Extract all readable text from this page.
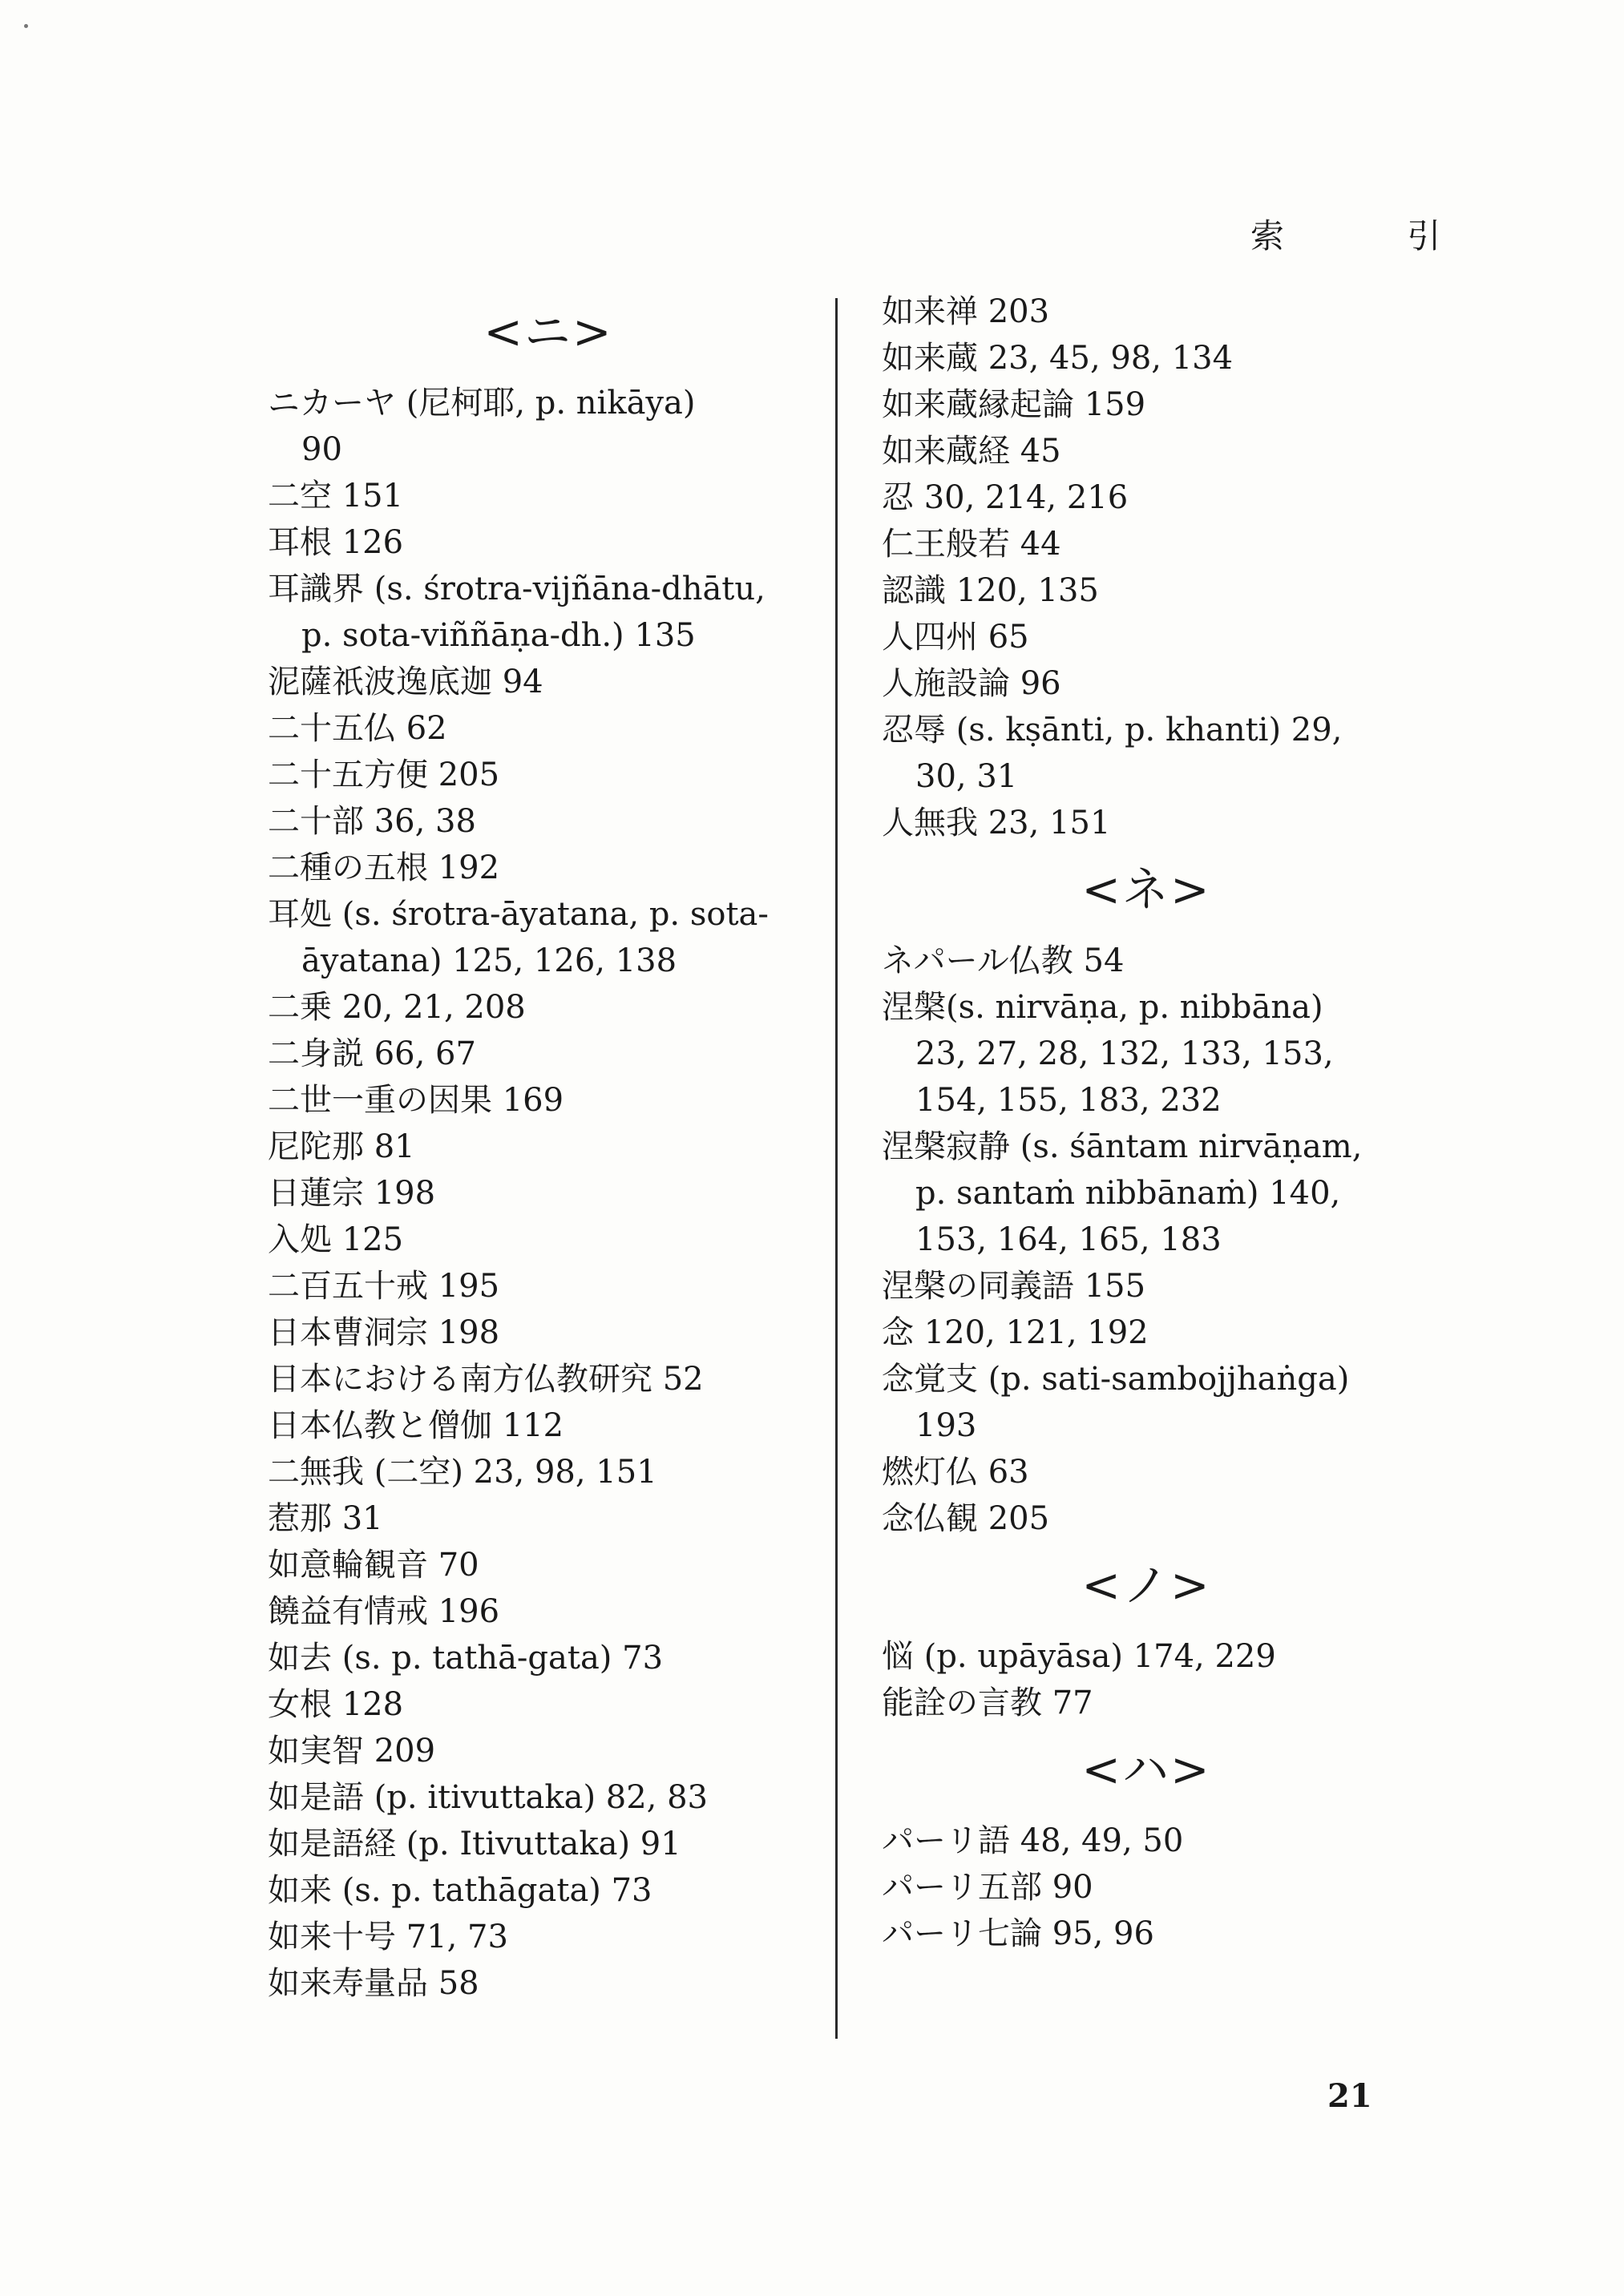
索 引
<ニ>
ニカーヤ (尼柯耶, p. nikāya)
90
二空 151
耳根 126
耳識界 (s. śrotra-vijñāna-dhātu,
p. sota-viññāṇa-dh.) 135
泥薩祇波逸底迦 94
二十五仏 62
二十五方便 205
二十部 36, 38
二種の五根 192
耳処 (s. śrotra-āyatana, p. sota-
āyatana) 125, 126, 138
二乗 20, 21, 208
二身説 66, 67
二世一重の因果 169
尼陀那 81
日蓮宗 198
入処 125
二百五十戒 195
日本曹洞宗 198
日本における南方仏教研究 52
日本仏教と僧伽 112
二無我 (二空) 23, 98, 151
惹那 31
如意輪観音 70
饒益有情戒 196
如去 (s. p. tathā-gata) 73
女根 128
如実智 209
如是語 (p. itivuttaka) 82, 83
如是語経 (p. Itivuttaka) 91
如来 (s. p. tathāgata) 73
如来十号 71, 73
如来寿量品 58
如来禅 203
如来蔵 23, 45, 98, 134
如来蔵縁起論 159
如来蔵経 45
忍 30, 214, 216
仁王般若 44
認識 120, 135
人四州 65
人施設論 96
忍辱 (s. kṣānti, p. khanti) 29,
30, 31
人無我 23, 151
<ネ>
ネパール仏教 54
涅槃(s. nirvāṇa, p. nibbāna)
23, 27, 28, 132, 133, 153,
154, 155, 183, 232
涅槃寂静 (s. śāntam nirvāṇam,
p. santaṁ nibbānaṁ) 140,
153, 164, 165, 183
涅槃の同義語 155
念 120, 121, 192
念覚支 (p. sati-sambojjhaṅga)
193
燃灯仏 63
念仏観 205
<ノ>
悩 (p. upāyāsa) 174, 229
能詮の言教 77
<ハ>
パーリ語 48, 49, 50
パーリ五部 90
パーリ七論 95, 96
21
